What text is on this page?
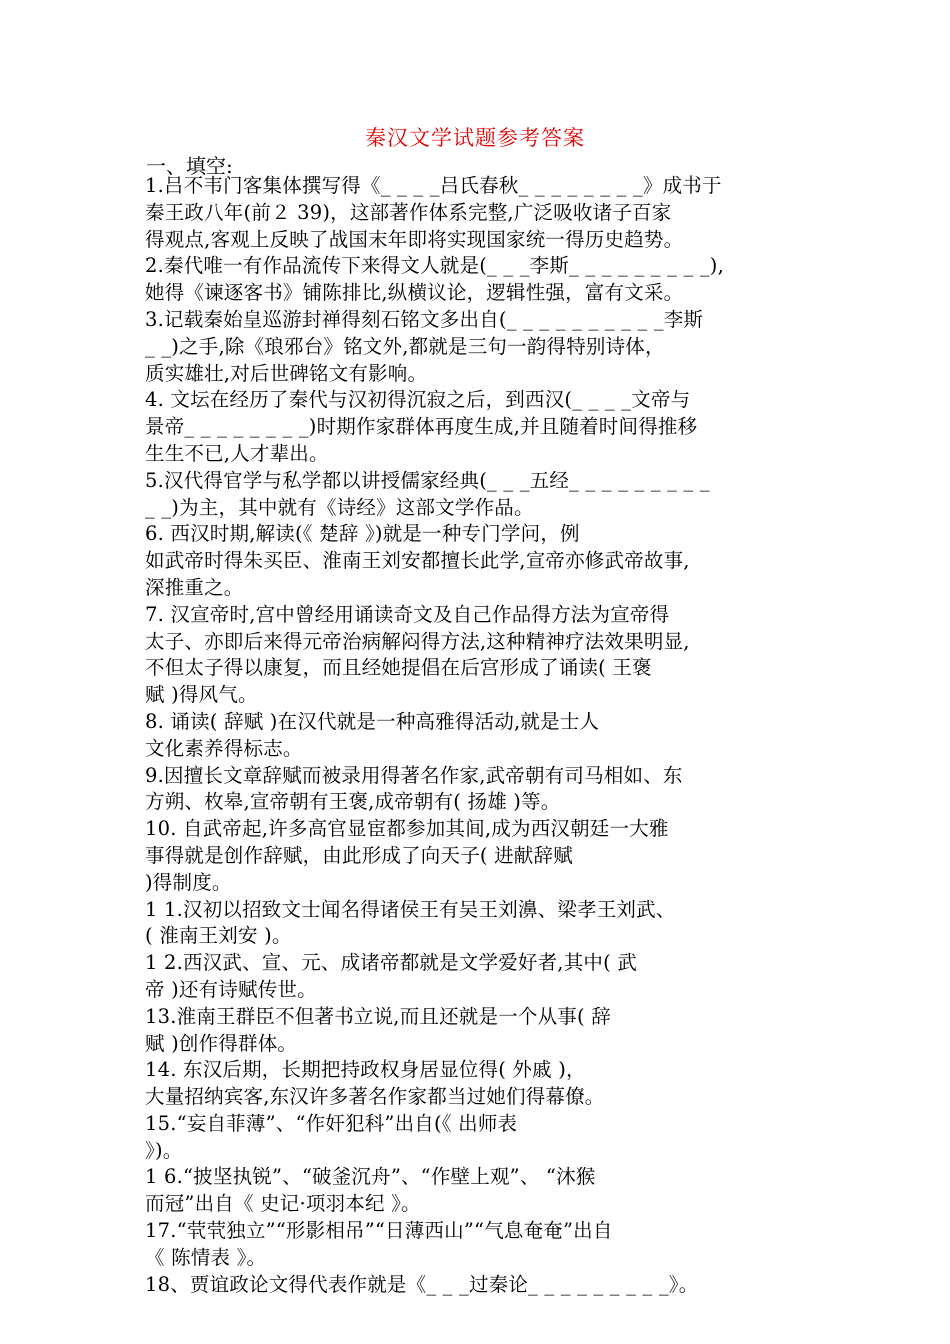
秦汉文学试题参考答案
一、填空:
1.吕不韦门客集体撰写得《_ _ _ _吕氏春秋_ _ _ _ _ _ _ _》成书于
秦王政八年(前２ 39)，这部著作体系完整,广泛吸收诸子百家
得观点,客观上反映了战国末年即将实现国家统一得历史趋势。
2.秦代唯一有作品流传下来得文人就是(_ _ _李斯_ _ _ _ _ _ _ _ _),
她得《谏逐客书》铺陈排比,纵横议论，逻辑性强，富有文采。
3.记载秦始皇巡游封禅得刻石铭文多出自(_ _ _ _ _ _ _ _ _ _李斯
_ _)之手,除《琅邪台》铭文外,都就是三句一韵得特别诗体，
质实雄壮,对后世碑铭文有影响。
4. 文坛在经历了秦代与汉初得沉寂之后，到西汉(_ _ _ _文帝与
景帝_ _ _ _ _ _ _ _)时期作家群体再度生成,并且随着时间得推移
生生不已,人才辈出。
5.汉代得官学与私学都以讲授儒家经典(_ _ _五经_ _ _ _ _ _ _ _ _
_ _)为主，其中就有《诗经》这部文学作品。
6. 西汉时期,解读(《 楚辞 》)就是一种专门学问，例
如武帝时得朱买臣、淮南王刘安都擅长此学,宣帝亦修武帝故事,
深推重之。
7. 汉宣帝时,宫中曾经用诵读奇文及自己作品得方法为宣帝得
太子、亦即后来得元帝治病解闷得方法,这种精神疗法效果明显,
不但太子得以康复，而且经她提倡在后宫形成了诵读( 王褒
赋 )得风气。
8. 诵读( 辞赋 )在汉代就是一种高雅得活动,就是士人
文化素养得标志。
9.因擅长文章辞赋而被录用得著名作家,武帝朝有司马相如、东
方朔、枚皋,宣帝朝有王褒,成帝朝有( 扬雄 )等。
10. 自武帝起,许多高官显宦都参加其间,成为西汉朝廷一大雅
事得就是创作辞赋，由此形成了向天子( 进献辞赋
)得制度。
1 1.汉初以招致文士闻名得诸侯王有吴王刘濞、梁孝王刘武、
( 淮南王刘安 )。
1 2.西汉武、宣、元、成诸帝都就是文学爱好者,其中( 武
帝 )还有诗赋传世。
13.淮南王群臣不但著书立说,而且还就是一个从事( 辞
赋 )创作得群体。
14. 东汉后期，长期把持政权身居显位得( 外戚 )，
大量招纳宾客,东汉许多著名作家都当过她们得幕僚。
15.“妄自菲薄”、“作奸犯科”出自(《 出师表
》)。
1 6.“披坚执锐”、“破釜沉舟”、“作壁上观”、 “沐猴
而冠”出自《 史记·项羽本纪 》。
17.“茕茕独立”“形影相吊”“日薄西山”“气息奄奄”出自
《 陈情表 》。
18、贾谊政论文得代表作就是《_ _ _过秦论_ _ _ _ _ _ _ _ _》。
